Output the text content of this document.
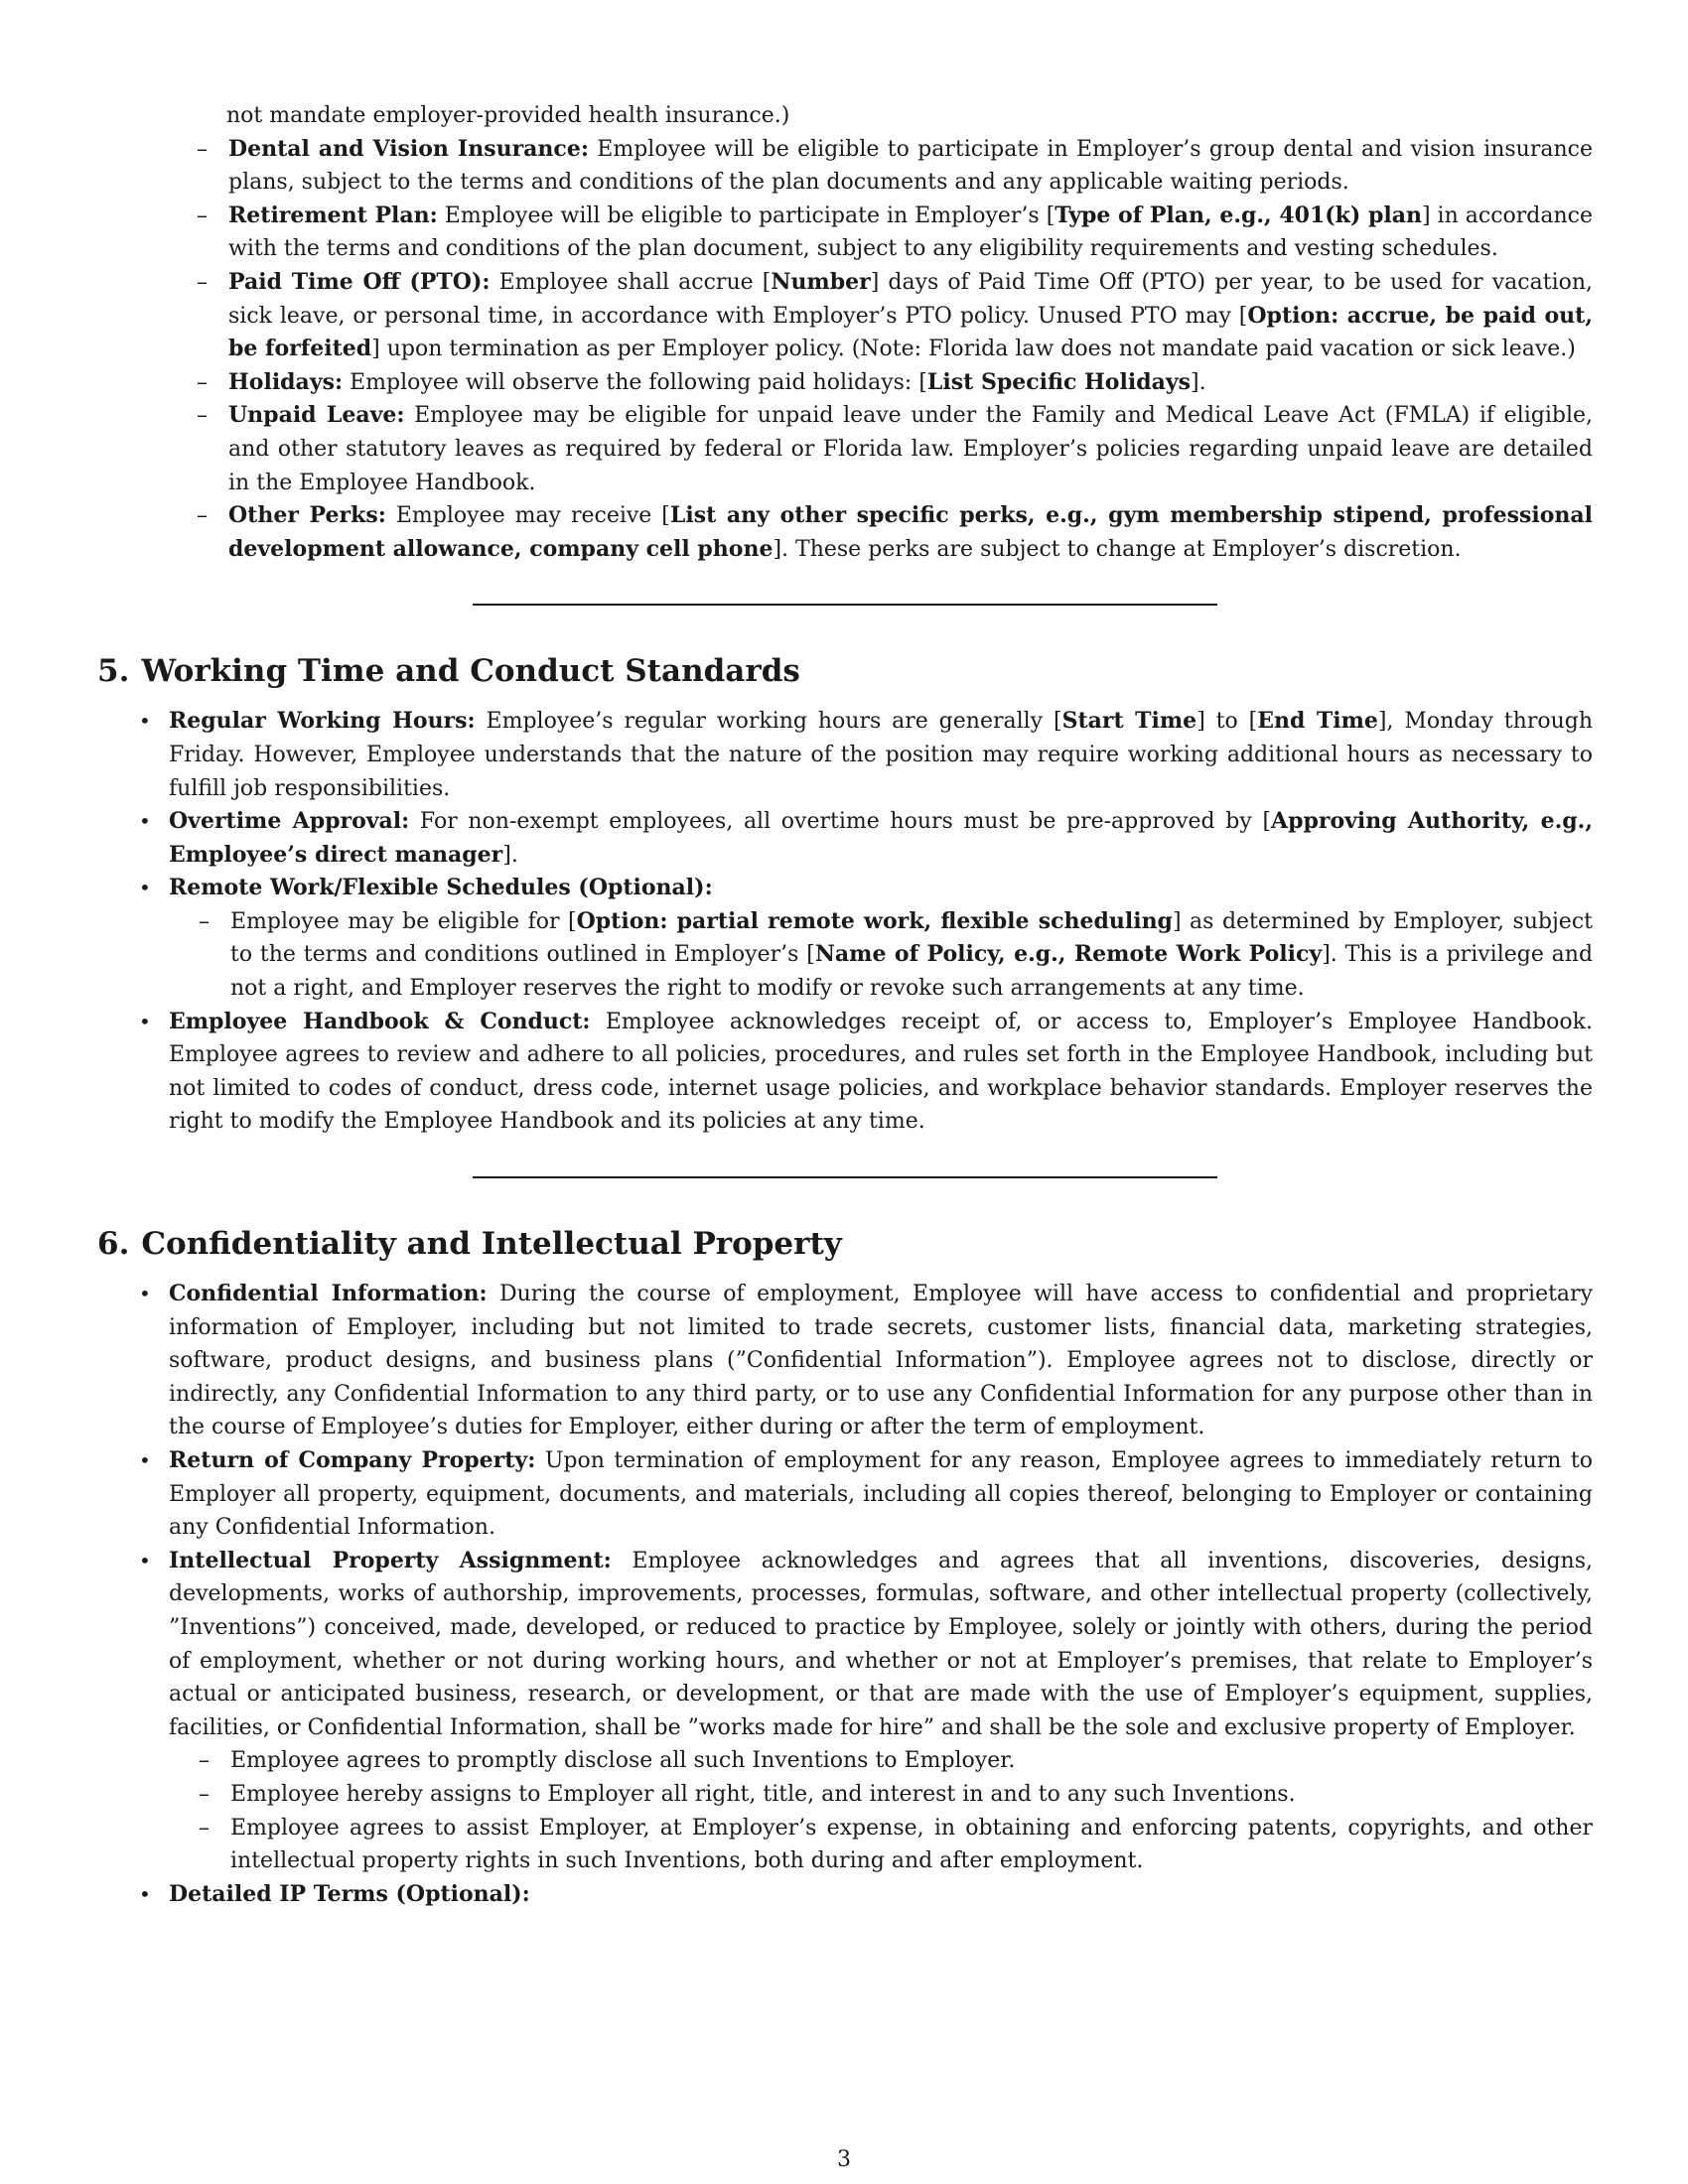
not mandate employer-provided health insurance.)

– Dental and Vision Insurance: Employee will be eligible to participate in Employer’s group dental and vision insurance plans, subject to the terms and conditions of the plan documents and any applicable waiting periods.
– Retirement Plan: Employee will be eligible to participate in Employer’s [Type of Plan, e.g., 401(k) plan] in accordance with the terms and conditions of the plan document, subject to any eligibility requirements and vesting schedules.
– Paid Time Off (PTO): Employee shall accrue [Number] days of Paid Time Off (PTO) per year, to be used for vacation, sick leave, or personal time, in accordance with Employer’s PTO policy. Unused PTO may [Option: accrue, be paid out, be forfeited] upon termination as per Employer policy. (Note: Florida law does not mandate paid vacation or sick leave.)
– Holidays: Employee will observe the following paid holidays: [List Specific Holidays].
– Unpaid Leave: Employee may be eligible for unpaid leave under the Family and Medical Leave Act (FMLA) if eligible, and other statutory leaves as required by federal or Florida law. Employer’s policies regarding unpaid leave are detailed in the Employee Handbook.
– Other Perks: Employee may receive [List any other specific perks, e.g., gym membership stipend, professional development allowance, company cell phone]. These perks are subject to change at Employer’s discretion.
5. Working Time and Conduct Standards
• Regular Working Hours: Employee’s regular working hours are generally [Start Time] to [End Time], Monday through Friday. However, Employee understands that the nature of the position may require working additional hours as necessary to fulfill job responsibilities.
• Overtime Approval: For non-exempt employees, all overtime hours must be pre-approved by [Approving Authority, e.g., Employee’s direct manager].
• Remote Work/Flexible Schedules (Optional):
– Employee may be eligible for [Option: partial remote work, flexible scheduling] as determined by Employer, subject to the terms and conditions outlined in Employer’s [Name of Policy, e.g., Remote Work Policy]. This is a privilege and not a right, and Employer reserves the right to modify or revoke such arrangements at any time.
• Employee Handbook & Conduct: Employee acknowledges receipt of, or access to, Employer’s Employee Handbook. Employee agrees to review and adhere to all policies, procedures, and rules set forth in the Employee Handbook, including but not limited to codes of conduct, dress code, internet usage policies, and workplace behavior standards. Employer reserves the right to modify the Employee Handbook and its policies at any time.
6. Confidentiality and Intellectual Property
• Confidential Information: During the course of employment, Employee will have access to confidential and proprietary information of Employer, including but not limited to trade secrets, customer lists, financial data, marketing strategies, software, product designs, and business plans (”Confidential Information”). Employee agrees not to disclose, directly or indirectly, any Confidential Information to any third party, or to use any Confidential Information for any purpose other than in the course of Employee’s duties for Employer, either during or after the term of employment.
• Return of Company Property: Upon termination of employment for any reason, Employee agrees to immediately return to Employer all property, equipment, documents, and materials, including all copies thereof, belonging to Employer or containing any Confidential Information.
• Intellectual Property Assignment: Employee acknowledges and agrees that all inventions, discoveries, designs, developments, works of authorship, improvements, processes, formulas, software, and other intellectual property (collectively, ”Inventions”) conceived, made, developed, or reduced to practice by Employee, solely or jointly with others, during the period of employment, whether or not during working hours, and whether or not at Employer’s premises, that relate to Employer’s actual or anticipated business, research, or development, or that are made with the use of Employer’s equipment, supplies, facilities, or Confidential Information, shall be ”works made for hire” and shall be the sole and exclusive property of Employer.
– Employee agrees to promptly disclose all such Inventions to Employer.
– Employee hereby assigns to Employer all right, title, and interest in and to any such Inventions.
– Employee agrees to assist Employer, at Employer’s expense, in obtaining and enforcing patents, copyrights, and other intellectual property rights in such Inventions, both during and after employment.
• Detailed IP Terms (Optional):
3
